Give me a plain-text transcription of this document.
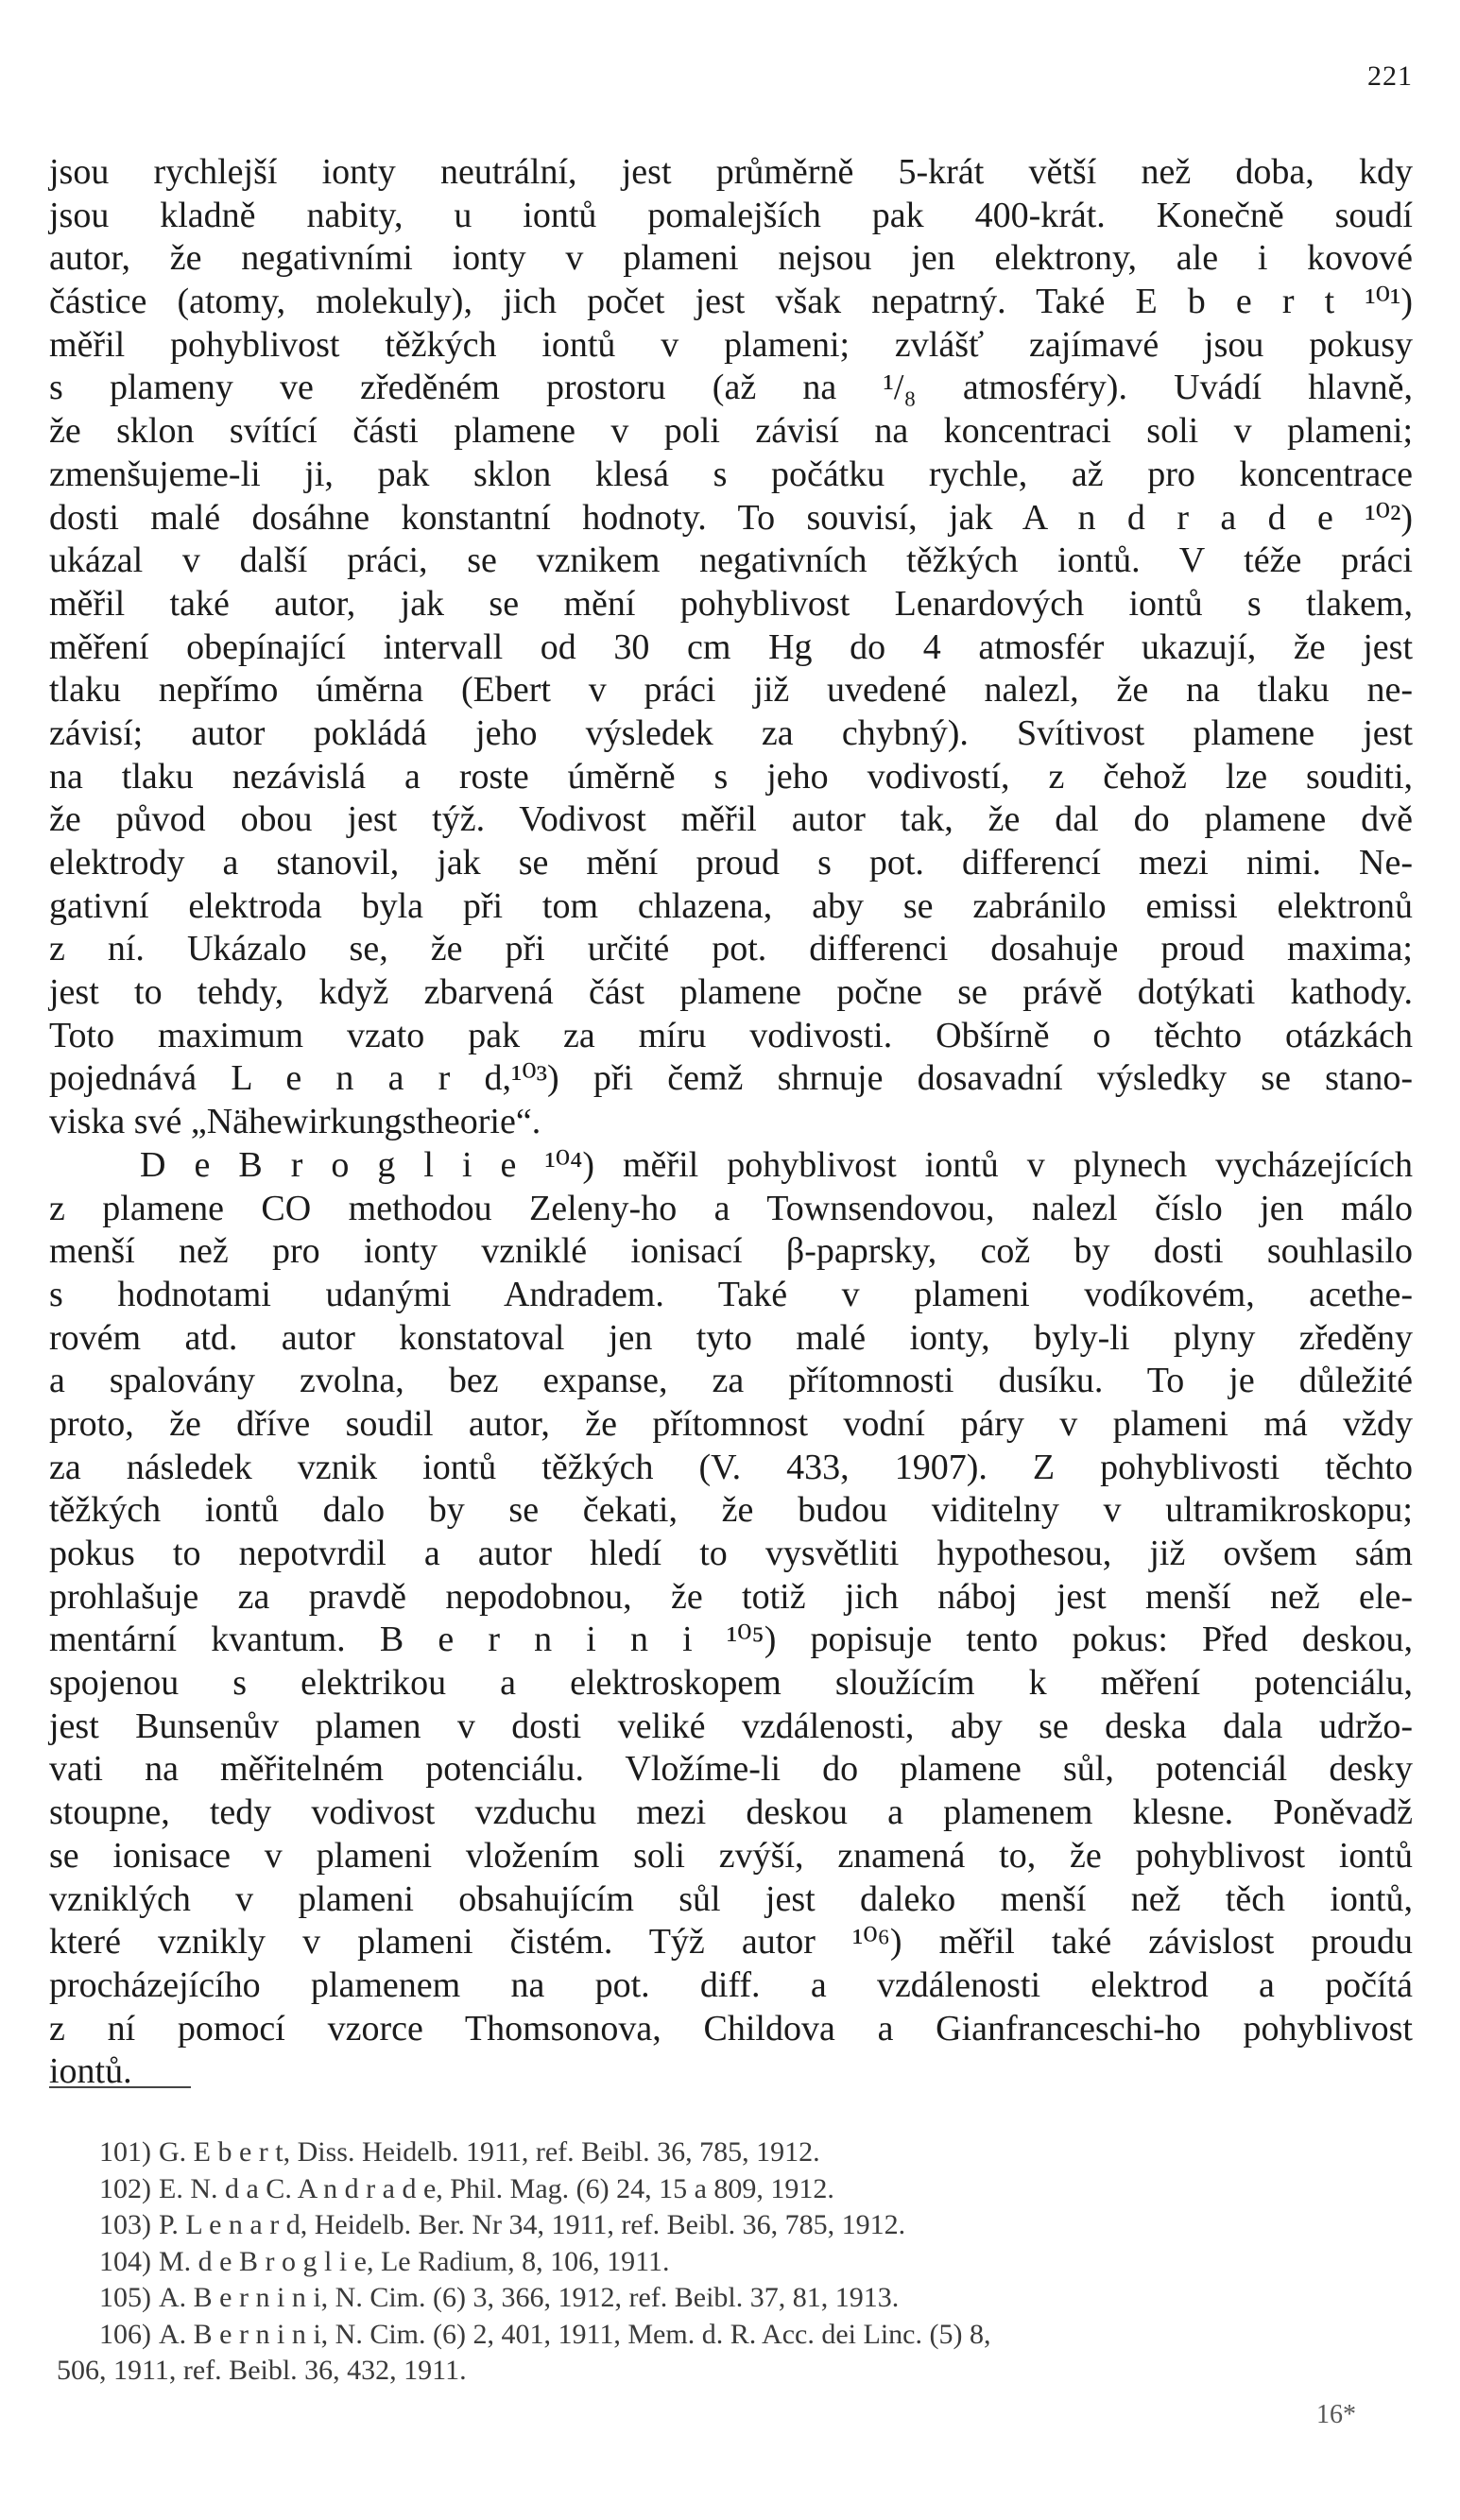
221
jsou rychlejší ionty neutrální, jest průměrně 5-krát větší než doba, kdy
jsou kladně nabity, u iontů pomalejších pak 400-krát. Konečně soudí
autor, že negativními ionty v plameni nejsou jen elektrony, ale i kovové
částice (atomy, molekuly), jich počet jest však nepatrný. Také E b e r t ¹⁰¹)
měřil pohyblivost těžkých iontů v plameni; zvlášť zajímavé jsou pokusy
s plameny ve zředěném prostoru (až na ¹/₈ atmosféry). Uvádí hlavně,
že sklon svítící části plamene v poli závisí na koncentraci soli v plameni;
zmenšujeme-li ji, pak sklon klesá s počátku rychle, až pro koncentrace
dosti malé dosáhne konstantní hodnoty. To souvisí, jak A n d r a d e ¹⁰²)
ukázal v další práci, se vznikem negativních těžkých iontů. V téže práci
měřil také autor, jak se mění pohyblivost Lenardových iontů s tlakem,
měření obepínající intervall od 30 cm Hg do 4 atmosfér ukazují, že jest
tlaku nepřímo úměrna (Ebert v práci již uvedené nalezl, že na tlaku ne-
závisí; autor pokládá jeho výsledek za chybný). Svítivost plamene jest
na tlaku nezávislá a roste úměrně s jeho vodivostí, z čehož lze souditi,
že původ obou jest týž. Vodivost měřil autor tak, že dal do plamene dvě
elektrody a stanovil, jak se mění proud s pot. differencí mezi nimi. Ne-
gativní elektroda byla při tom chlazena, aby se zabránilo emissi elektronů
z ní. Ukázalo se, že při určité pot. differenci dosahuje proud maxima;
jest to tehdy, když zbarvená část plamene počne se právě dotýkati kathody.
Toto maximum vzato pak za míru vodivosti. Obšírně o těchto otázkách
pojednává L e n a r d,¹⁰³) při čemž shrnuje dosavadní výsledky se stano-
viska své „Nähewirkungstheorie“.
D e B r o g l i e ¹⁰⁴) měřil pohyblivost iontů v plynech vycházejících
z plamene CO methodou Zeleny-ho a Townsendovou, nalezl číslo jen málo
menší než pro ionty vzniklé ionisací β-paprsky, což by dosti souhlasilo
s hodnotami udanými Andradem. Také v plameni vodíkovém, acethe-
rovém atd. autor konstatoval jen tyto malé ionty, byly-li plyny zředěny
a spalovány zvolna, bez expanse, za přítomnosti dusíku. To je důležité
proto, že dříve soudil autor, že přítomnost vodní páry v plameni má vždy
za následek vznik iontů těžkých (V. 433, 1907). Z pohyblivosti těchto
těžkých iontů dalo by se čekati, že budou viditelny v ultramikroskopu;
pokus to nepotvrdil a autor hledí to vysvětliti hypothesou, již ovšem sám
prohlašuje za pravdě nepodobnou, že totiž jich náboj jest menší než ele-
mentární kvantum. B e r n i n i ¹⁰⁵) popisuje tento pokus: Před deskou,
spojenou s elektrikou a elektroskopem sloužícím k měření potenciálu,
jest Bunsenův plamen v dosti veliké vzdálenosti, aby se deska dala udržo-
vati na měřitelném potenciálu. Vložíme-li do plamene sůl, potenciál desky
stoupne, tedy vodivost vzduchu mezi deskou a plamenem klesne. Poněvadž
se ionisace v plameni vložením soli zvýší, znamená to, že pohyblivost iontů
vzniklých v plameni obsahujícím sůl jest daleko menší než těch iontů,
které vznikly v plameni čistém. Týž autor ¹⁰⁶) měřil také závislost proudu
procházejícího plamenem na pot. diff. a vzdálenosti elektrod a počítá
z ní pomocí vzorce Thomsonova, Childova a Gianfranceschi-ho pohyblivost
iontů.
101) G. E b e r t, Diss. Heidelb. 1911, ref. Beibl. 36, 785, 1912.
102) E. N. d a C. A n d r a d e, Phil. Mag. (6) 24, 15 a 809, 1912.
103) P. L e n a r d, Heidelb. Ber. Nr 34, 1911, ref. Beibl. 36, 785, 1912.
104) M. d e B r o g l i e, Le Radium, 8, 106, 1911.
105) A. B e r n i n i, N. Cim. (6) 3, 366, 1912, ref. Beibl. 37, 81, 1913.
106) A. B e r n i n i, N. Cim. (6) 2, 401, 1911, Mem. d. R. Acc. dei Linc. (5) 8,
506, 1911, ref. Beibl. 36, 432, 1911.
16*
